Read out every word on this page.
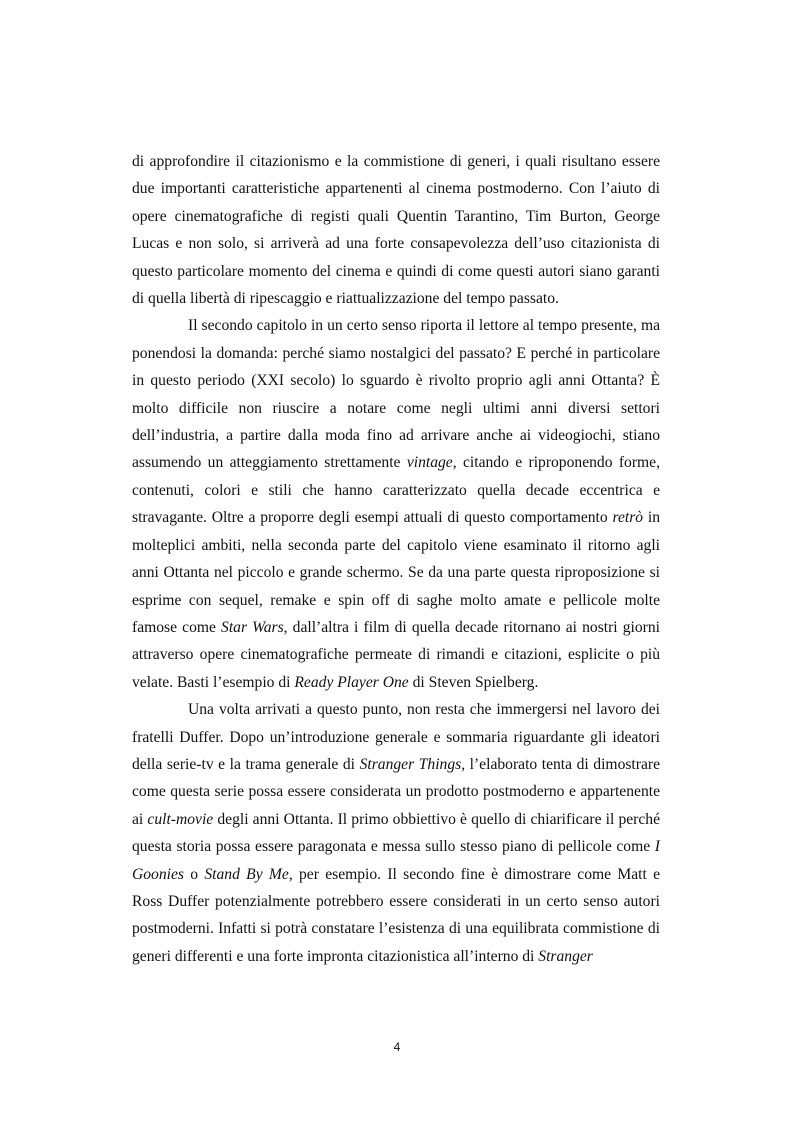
di approfondire il citazionismo e la commistione di generi, i quali risultano essere due importanti caratteristiche appartenenti al cinema postmoderno. Con l’aiuto di opere cinematografiche di registi quali Quentin Tarantino, Tim Burton, George Lucas e non solo, si arriverà ad una forte consapevolezza dell’uso citazionista di questo particolare momento del cinema e quindi di come questi autori siano garanti di quella libertà di ripescaggio e riattualizzazione del tempo passato.

Il secondo capitolo in un certo senso riporta il lettore al tempo presente, ma ponendosi la domanda: perché siamo nostalgici del passato? E perché in particolare in questo periodo (XXI secolo) lo sguardo è rivolto proprio agli anni Ottanta? È molto difficile non riuscire a notare come negli ultimi anni diversi settori dell’industria, a partire dalla moda fino ad arrivare anche ai videogiochi, stiano assumendo un atteggiamento strettamente vintage, citando e riproponendo forme, contenuti, colori e stili che hanno caratterizzato quella decade eccentrica e stravagante. Oltre a proporre degli esempi attuali di questo comportamento retrò in molteplici ambiti, nella seconda parte del capitolo viene esaminato il ritorno agli anni Ottanta nel piccolo e grande schermo. Se da una parte questa riproposizione si esprime con sequel, remake e spin off di saghe molto amate e pellicole molte famose come Star Wars, dall’altra i film di quella decade ritornano ai nostri giorni attraverso opere cinematografiche permeate di rimandi e citazioni, esplicite o più velate. Basti l’esempio di Ready Player One di Steven Spielberg.

Una volta arrivati a questo punto, non resta che immergersi nel lavoro dei fratelli Duffer. Dopo un’introduzione generale e sommaria riguardante gli ideatori della serie-tv e la trama generale di Stranger Things, l’elaborato tenta di dimostrare come questa serie possa essere considerata un prodotto postmoderno e appartenente ai cult-movie degli anni Ottanta. Il primo obbiettivo è quello di chiarificare il perché questa storia possa essere paragonata e messa sullo stesso piano di pellicole come I Goonies o Stand By Me, per esempio. Il secondo fine è dimostrare come Matt e Ross Duffer potenzialmente potrebbero essere considerati in un certo senso autori postmoderni. Infatti si potrà constatare l’esistenza di una equilibrata commistione di generi differenti e una forte impronta citazionistica all’interno di Stranger

4
